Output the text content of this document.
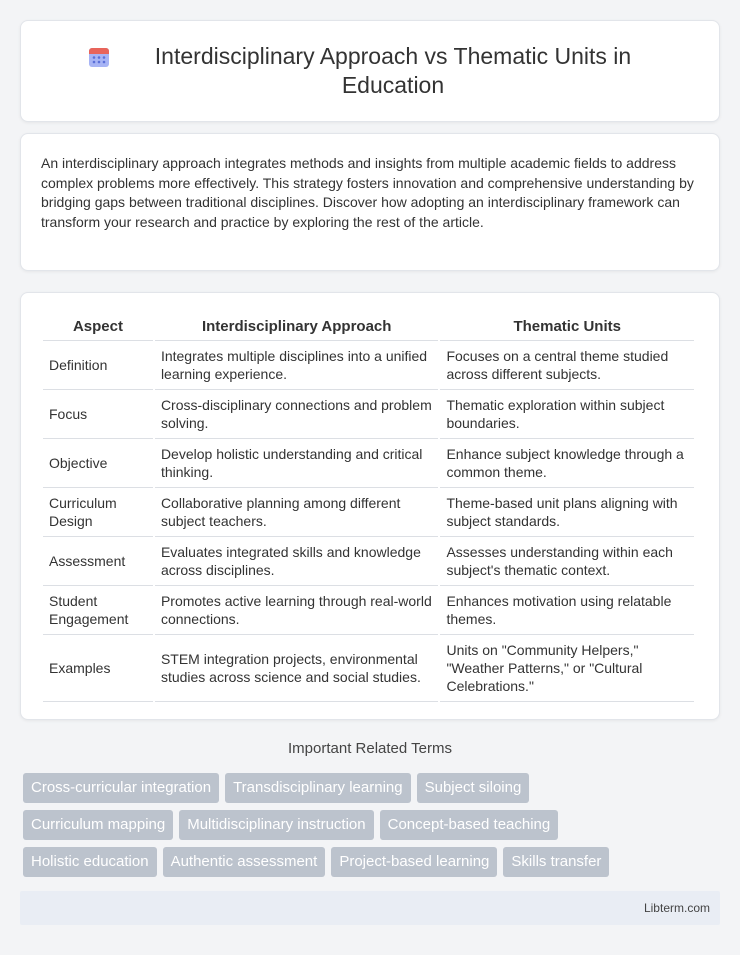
Interdisciplinary Approach vs Thematic Units in Education

An interdisciplinary approach integrates methods and insights from multiple academic fields to address complex problems more effectively. This strategy fosters innovation and comprehensive understanding by bridging gaps between traditional disciplines. Discover how adopting an interdisciplinary framework can transform your research and practice by exploring the rest of the article.

Aspect	Interdisciplinary Approach	Thematic Units
Definition	Integrates multiple disciplines into a unified learning experience.	Focuses on a central theme studied across different subjects.
Focus	Cross-disciplinary connections and problem solving.	Thematic exploration within subject boundaries.
Objective	Develop holistic understanding and critical thinking.	Enhance subject knowledge through a common theme.
Curriculum Design	Collaborative planning among different subject teachers.	Theme-based unit plans aligning with subject standards.
Assessment	Evaluates integrated skills and knowledge across disciplines.	Assesses understanding within each subject's thematic context.
Student Engagement	Promotes active learning through real-world connections.	Enhances motivation using relatable themes.
Examples	STEM integration projects, environmental studies across science and social studies.	Units on "Community Helpers," "Weather Patterns," or "Cultural Celebrations."
Important Related Terms
Cross-curricular integration	Transdisciplinary learning	Subject siloing
Curriculum mapping	Multidisciplinary instruction	Concept-based teaching
Holistic education	Authentic assessment	Project-based learning	Skills transfer
Libterm.com
